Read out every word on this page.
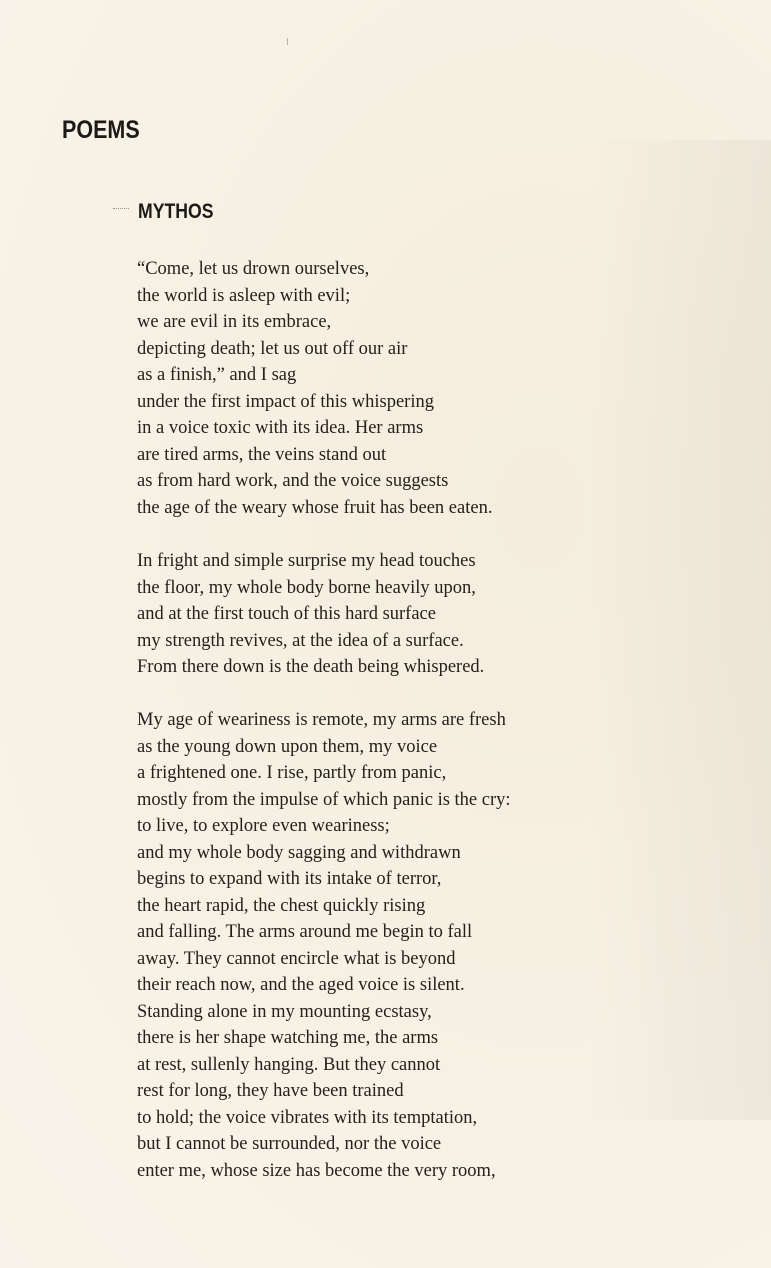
POEMS
MYTHOS
“Come, let us drown ourselves,
the world is asleep with evil;
we are evil in its embrace,
depicting death; let us out off our air
as a finish,” and I sag
under the first impact of this whispering
in a voice toxic with its idea. Her arms
are tired arms, the veins stand out
as from hard work, and the voice suggests
the age of the weary whose fruit has been eaten.
In fright and simple surprise my head touches
the floor, my whole body borne heavily upon,
and at the first touch of this hard surface
my strength revives, at the idea of a surface.
From there down is the death being whispered.
My age of weariness is remote, my arms are fresh
as the young down upon them, my voice
a frightened one. I rise, partly from panic,
mostly from the impulse of which panic is the cry:
to live, to explore even weariness;
and my whole body sagging and withdrawn
begins to expand with its intake of terror,
the heart rapid, the chest quickly rising
and falling. The arms around me begin to fall
away. They cannot encircle what is beyond
their reach now, and the aged voice is silent.
Standing alone in my mounting ecstasy,
there is her shape watching me, the arms
at rest, sullenly hanging. But they cannot
rest for long, they have been trained
to hold; the voice vibrates with its temptation,
but I cannot be surrounded, nor the voice
enter me, whose size has become the very room,
